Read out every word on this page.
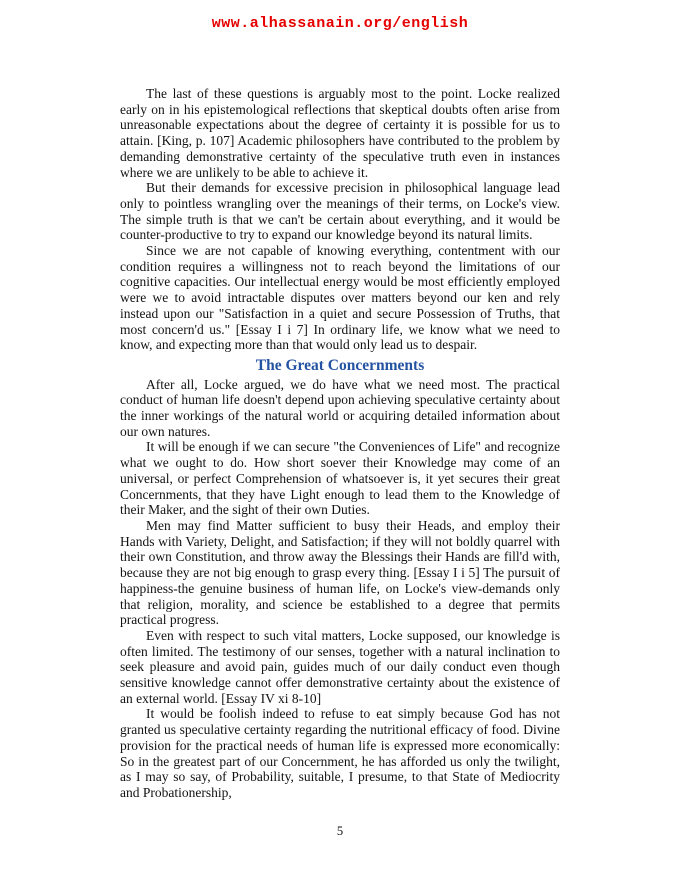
www.alhassanain.org/english

The last of these questions is arguably most to the point. Locke realized early on in his epistemological reflections that skeptical doubts often arise from unreasonable expectations about the degree of certainty it is possible for us to attain. [King, p. 107] Academic philosophers have contributed to the problem by demanding demonstrative certainty of the speculative truth even in instances where we are unlikely to be able to achieve it.

But their demands for excessive precision in philosophical language lead only to pointless wrangling over the meanings of their terms, on Locke's view. The simple truth is that we can't be certain about everything, and it would be counter-productive to try to expand our knowledge beyond its natural limits.

Since we are not capable of knowing everything, contentment with our condition requires a willingness not to reach beyond the limitations of our cognitive capacities. Our intellectual energy would be most efficiently employed were we to avoid intractable disputes over matters beyond our ken and rely instead upon our "Satisfaction in a quiet and secure Possession of Truths, that most concern'd us." [Essay I i 7] In ordinary life, we know what we need to know, and expecting more than that would only lead us to despair.

The Great Concernments

After all, Locke argued, we do have what we need most. The practical conduct of human life doesn't depend upon achieving speculative certainty about the inner workings of the natural world or acquiring detailed information about our own natures.

It will be enough if we can secure "the Conveniences of Life" and recognize what we ought to do. How short soever their Knowledge may come of an universal, or perfect Comprehension of whatsoever is, it yet secures their great Concernments, that they have Light enough to lead them to the Knowledge of their Maker, and the sight of their own Duties.

Men may find Matter sufficient to busy their Heads, and employ their Hands with Variety, Delight, and Satisfaction; if they will not boldly quarrel with their own Constitution, and throw away the Blessings their Hands are fill'd with, because they are not big enough to grasp every thing. [Essay I i 5] The pursuit of happiness-the genuine business of human life, on Locke's view-demands only that religion, morality, and science be established to a degree that permits practical progress.

Even with respect to such vital matters, Locke supposed, our knowledge is often limited. The testimony of our senses, together with a natural inclination to seek pleasure and avoid pain, guides much of our daily conduct even though sensitive knowledge cannot offer demonstrative certainty about the existence of an external world. [Essay IV xi 8-10]

It would be foolish indeed to refuse to eat simply because God has not granted us speculative certainty regarding the nutritional efficacy of food. Divine provision for the practical needs of human life is expressed more economically: So in the greatest part of our Concernment, he has afforded us only the twilight, as I may so say, of Probability, suitable, I presume, to that State of Mediocrity and Probationership,

5
